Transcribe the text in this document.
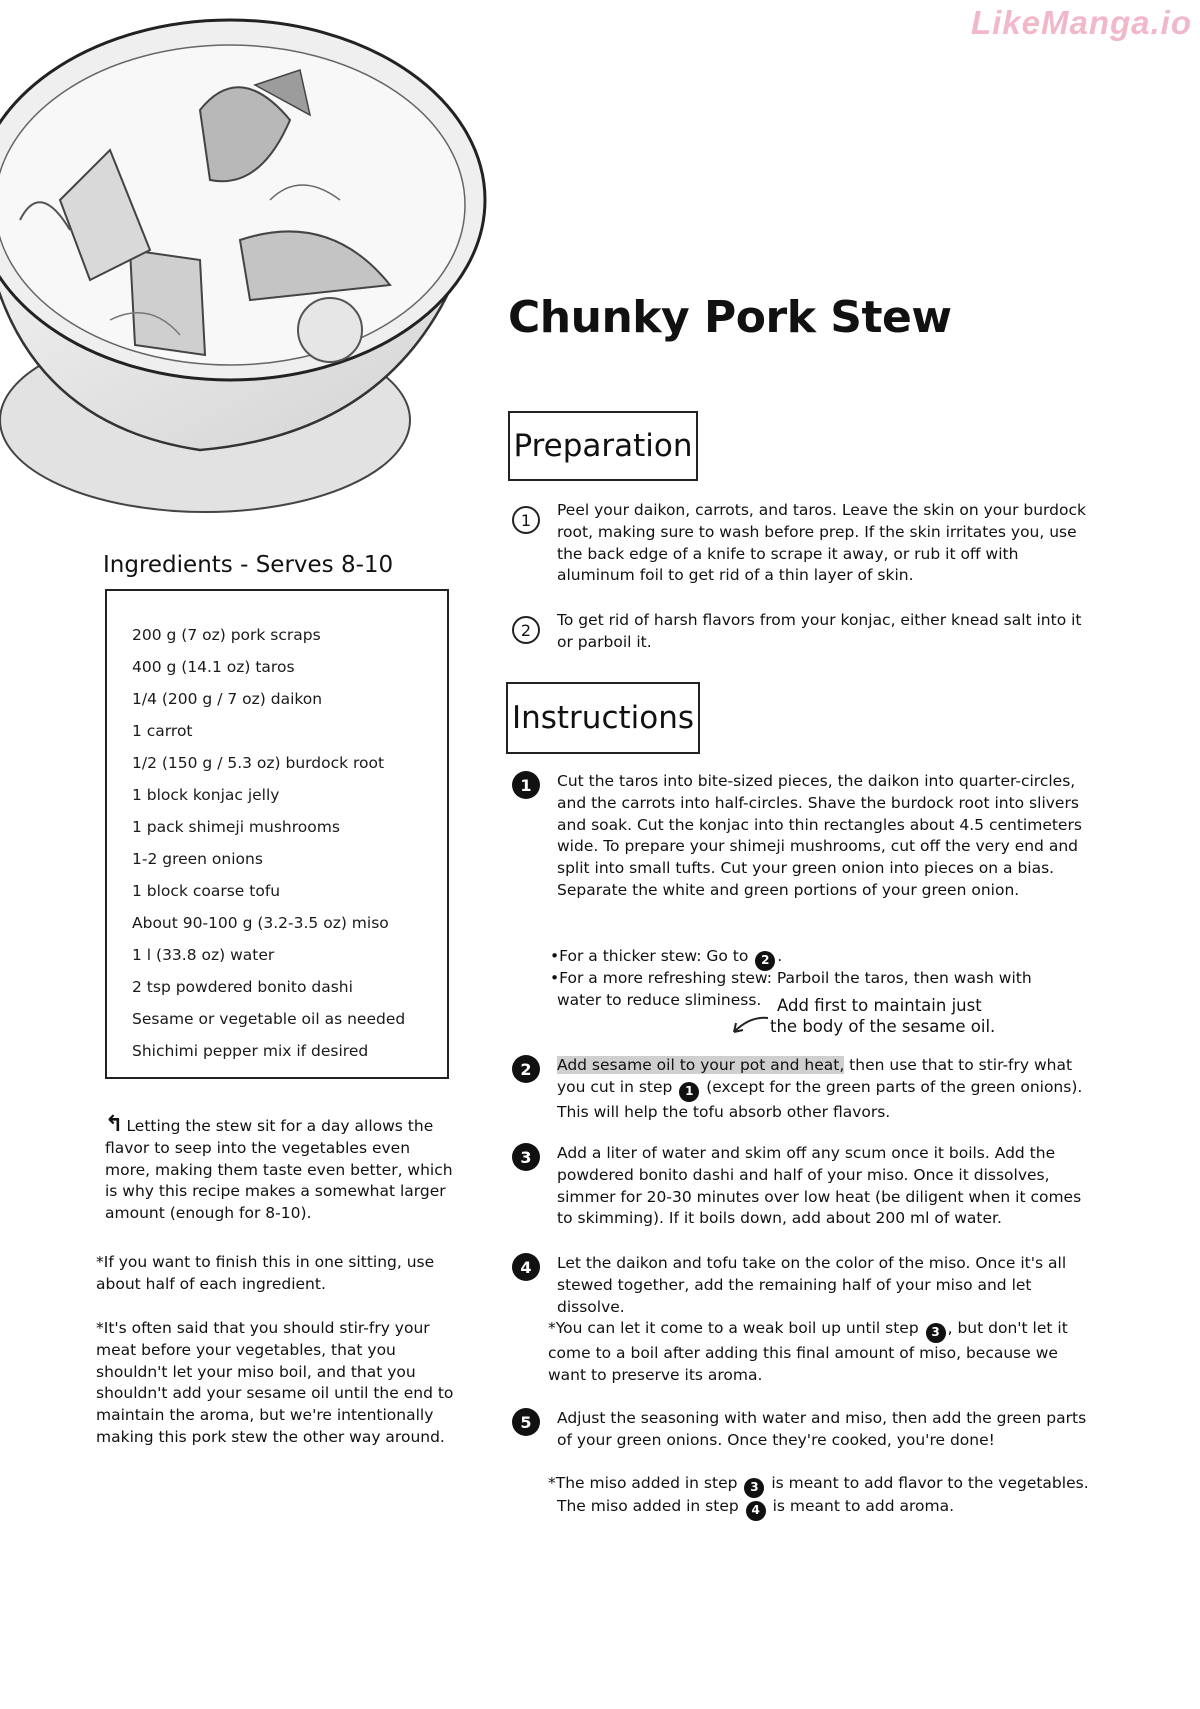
LikeManga.io
Chunky Pork Stew
Preparation
1
Peel your daikon, carrots, and taros. Leave the skin on your burdock root, making sure to wash before prep. If the skin irritates you, use the back edge of a knife to scrape it away, or rub it off with aluminum foil to get rid of a thin layer of skin.
2
To get rid of harsh flavors from your konjac, either knead salt into it or parboil it.
Instructions
Ingredients - Serves 8-10
200 g (7 oz) pork scraps
400 g (14.1 oz) taros
1/4 (200 g / 7 oz) daikon
1 carrot
1/2 (150 g / 5.3 oz) burdock root
1 block konjac jelly
1 pack shimeji mushrooms
1-2 green onions
1 block coarse tofu
About 90-100 g (3.2-3.5 oz) miso
1 l (33.8 oz) water
2 tsp powdered bonito dashi
Sesame or vegetable oil as needed
Shichimi pepper mix if desired
↰ Letting the stew sit for a day allows the flavor to seep into the vegetables even more, making them taste even better, which is why this recipe makes a somewhat larger amount (enough for 8-10).
*If you want to finish this in one sitting, use about half of each ingredient.
*It's often said that you should stir-fry your meat before your vegetables, that you shouldn't let your miso boil, and that you shouldn't add your sesame oil until the end to maintain the aroma, but we're intentionally making this pork stew the other way around.
1	Cut the taros into bite-sized pieces, the daikon into quarter-circles, and the carrots into half-circles. Shave the burdock root into slivers and soak. Cut the konjac into thin rectangles about 4.5 centimeters wide. To prepare your shimeji mushrooms, cut off the very end and split into small tufts. Cut your green onion into pieces on a bias. Separate the white and green portions of your green onion.
•For a thicker stew: Go to 2 .
•For a more refreshing stew: Parboil the taros, then wash with
water to reduce sliminess. Add first to maintain just
the body of the sesame oil.
2	Add sesame oil to your pot and heat, then use that to stir-fry what you cut in step 1 (except for the green parts of the green onions). This will help the tofu absorb other flavors.
3	Add a liter of water and skim off any scum once it boils. Add the powdered bonito dashi and half of your miso. Once it dissolves, simmer for 20-30 minutes over low heat (be diligent when it comes to skimming). If it boils down, add about 200 ml of water.
4	Let the daikon and tofu take on the color of the miso. Once it's all stewed together, add the remaining half of your miso and let dissolve.
*You can let it come to a weak boil up until step 3 , but don't let it come to a boil after adding this final amount of miso, because we want to preserve its aroma.
5	Adjust the seasoning with water and miso, then add the green parts of your green onions. Once they're cooked, you're done!
*The miso added in step 3 is meant to add flavor to the vegetables.
The miso added in step 4 is meant to add aroma.
